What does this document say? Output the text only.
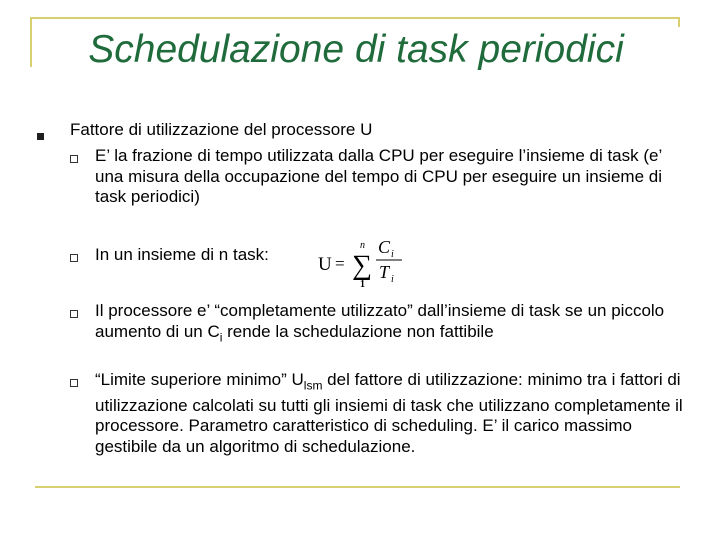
Schedulazione di task periodici
Fattore di utilizzazione del processore U
E’ la frazione di tempo utilizzata dalla CPU per eseguire l’insieme di task (e’ una misura della occupazione del tempo di CPU per eseguire un insieme di task periodici)
In un insieme di n task:	U = ∑
n
1
C i
T i
Il processore e’ “completamente utilizzato” dall’insieme di task se un piccolo aumento di un $C_i$ rende la schedulazione non fattibile
“Limite superiore minimo” $U_{lsm}$ del fattore di utilizzazione: minimo tra i fattori di utilizzazione calcolati su tutti gli insiemi di task che utilizzano completamente il processore. Parametro caratteristico di scheduling. E’ il carico massimo gestibile da un algoritmo di schedulazione.
